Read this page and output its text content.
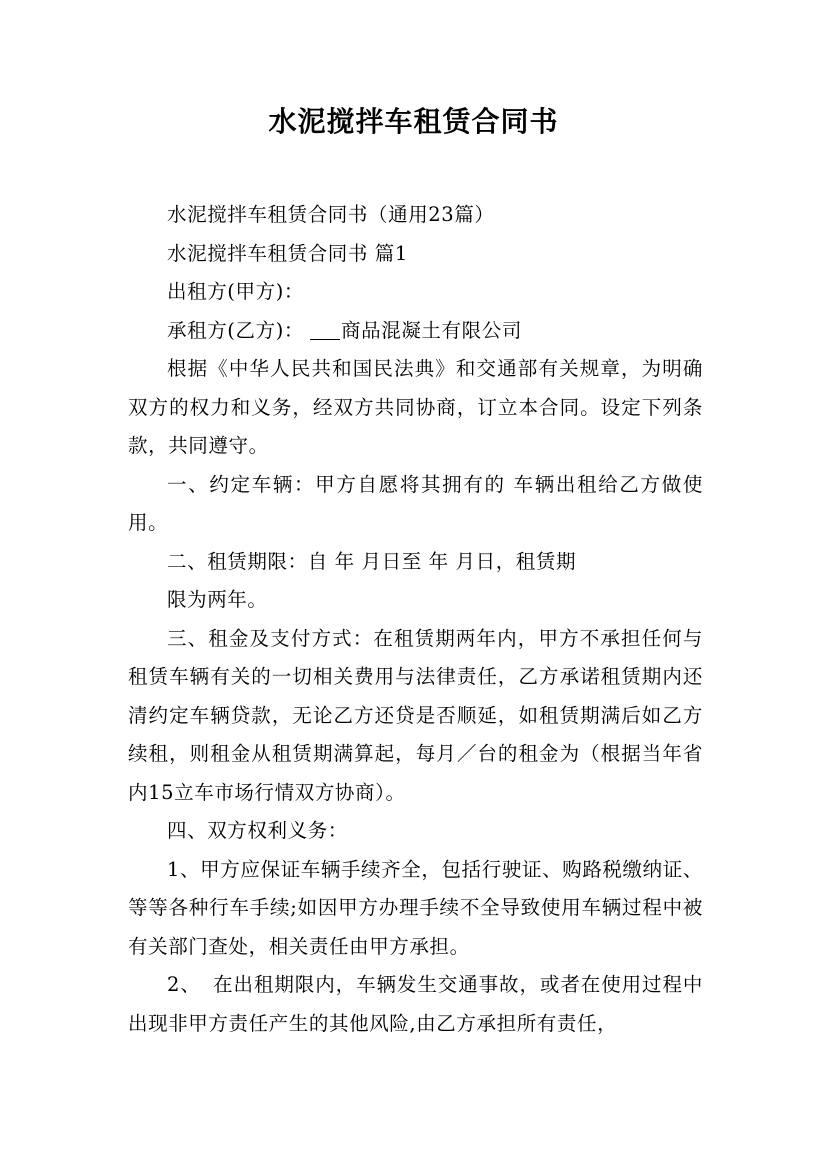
水泥搅拌车租赁合同书

水泥搅拌车租赁合同书（通用23篇）

水泥搅拌车租赁合同书 篇1

出租方(甲方)：

承租方(乙方)： 商品混凝土有限公司

根据《中华人民共和国民法典》和交通部有关规章，为明确双方的权力和义务，经双方共同协商，订立本合同。设定下列条款，共同遵守。

一、约定车辆：甲方自愿将其拥有的 车辆出租给乙方做使用。

二、租赁期限：自 年 月日至 年 月日，租赁期

限为两年。

三、租金及支付方式：在租赁期两年内，甲方不承担任何与租赁车辆有关的一切相关费用与法律责任，乙方承诺租赁期内还清约定车辆贷款，无论乙方还贷是否顺延，如租赁期满后如乙方续租，则租金从租赁期满算起，每月／台的租金为（根据当年省内15立车市场行情双方协商）。

四、双方权利义务：

1、甲方应保证车辆手续齐全，包括行驶证、购路税缴纳证、等等各种行车手续;如因甲方办理手续不全导致使用车辆过程中被有关部门查处，相关责任由甲方承担。

2、 在出租期限内，车辆发生交通事故，或者在使用过程中出现非甲方责任产生的其他风险,由乙方承担所有责任，
